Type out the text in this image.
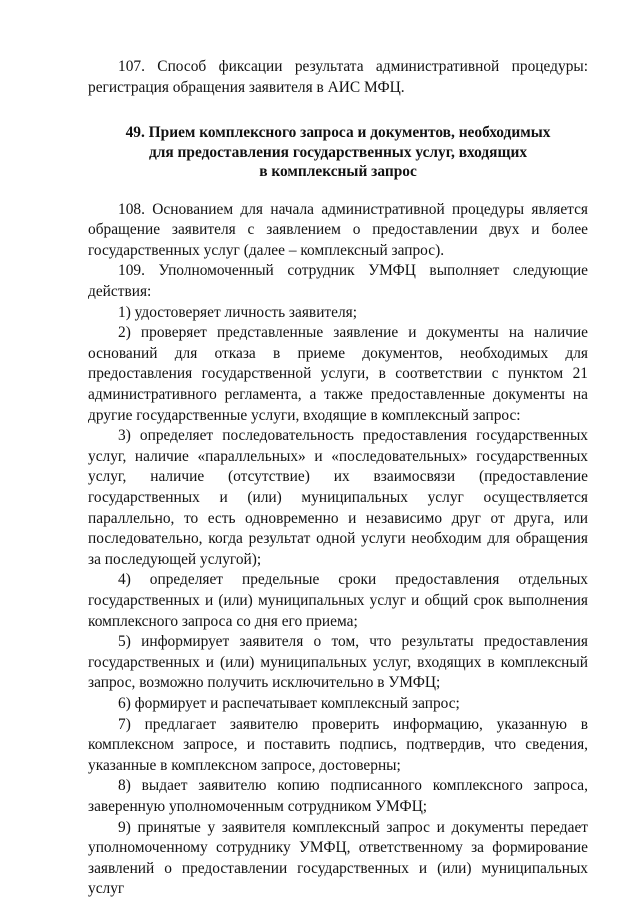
107. Способ фиксации результата административной процедуры: регистрация обращения заявителя в АИС МФЦ.

49. Прием комплексного запроса и документов, необходимых

для предоставления государственных услуг, входящих

в комплексный запрос

108. Основанием для начала административной процедуры является обращение заявителя с заявлением о предоставлении двух и более государственных услуг (далее – комплексный запрос).

109. Уполномоченный сотрудник УМФЦ выполняет следующие действия:

1) удостоверяет личность заявителя;

2) проверяет представленные заявление и документы на наличие оснований для отказа в приеме документов, необходимых для предоставления государственной услуги, в соответствии с пунктом 21 административного регламента, а также предоставленные документы на другие государственные услуги, входящие в комплексный запрос:

3) определяет последовательность предоставления государственных услуг, наличие «параллельных» и «последовательных» государственных услуг, наличие (отсутствие) их взаимосвязи (предоставление государственных и (или) муниципальных услуг осуществляется параллельно, то есть одновременно и независимо друг от друга, или последовательно, когда результат одной услуги необходим для обращения за последующей услугой);

4) определяет предельные сроки предоставления отдельных государственных и (или) муниципальных услуг и общий срок выполнения комплексного запроса со дня его приема;

5) информирует заявителя о том, что результаты предоставления государственных и (или) муниципальных услуг, входящих в комплексный запрос, возможно получить исключительно в УМФЦ;

6) формирует и распечатывает комплексный запрос;

7) предлагает заявителю проверить информацию, указанную в комплексном запросе, и поставить подпись, подтвердив, что сведения, указанные в комплексном запросе, достоверны;

8) выдает заявителю копию подписанного комплексного запроса, заверенную уполномоченным сотрудником УМФЦ;

9) принятые у заявителя комплексный запрос и документы передает уполномоченному сотруднику УМФЦ, ответственному за формирование заявлений о предоставлении государственных и (или) муниципальных услуг
